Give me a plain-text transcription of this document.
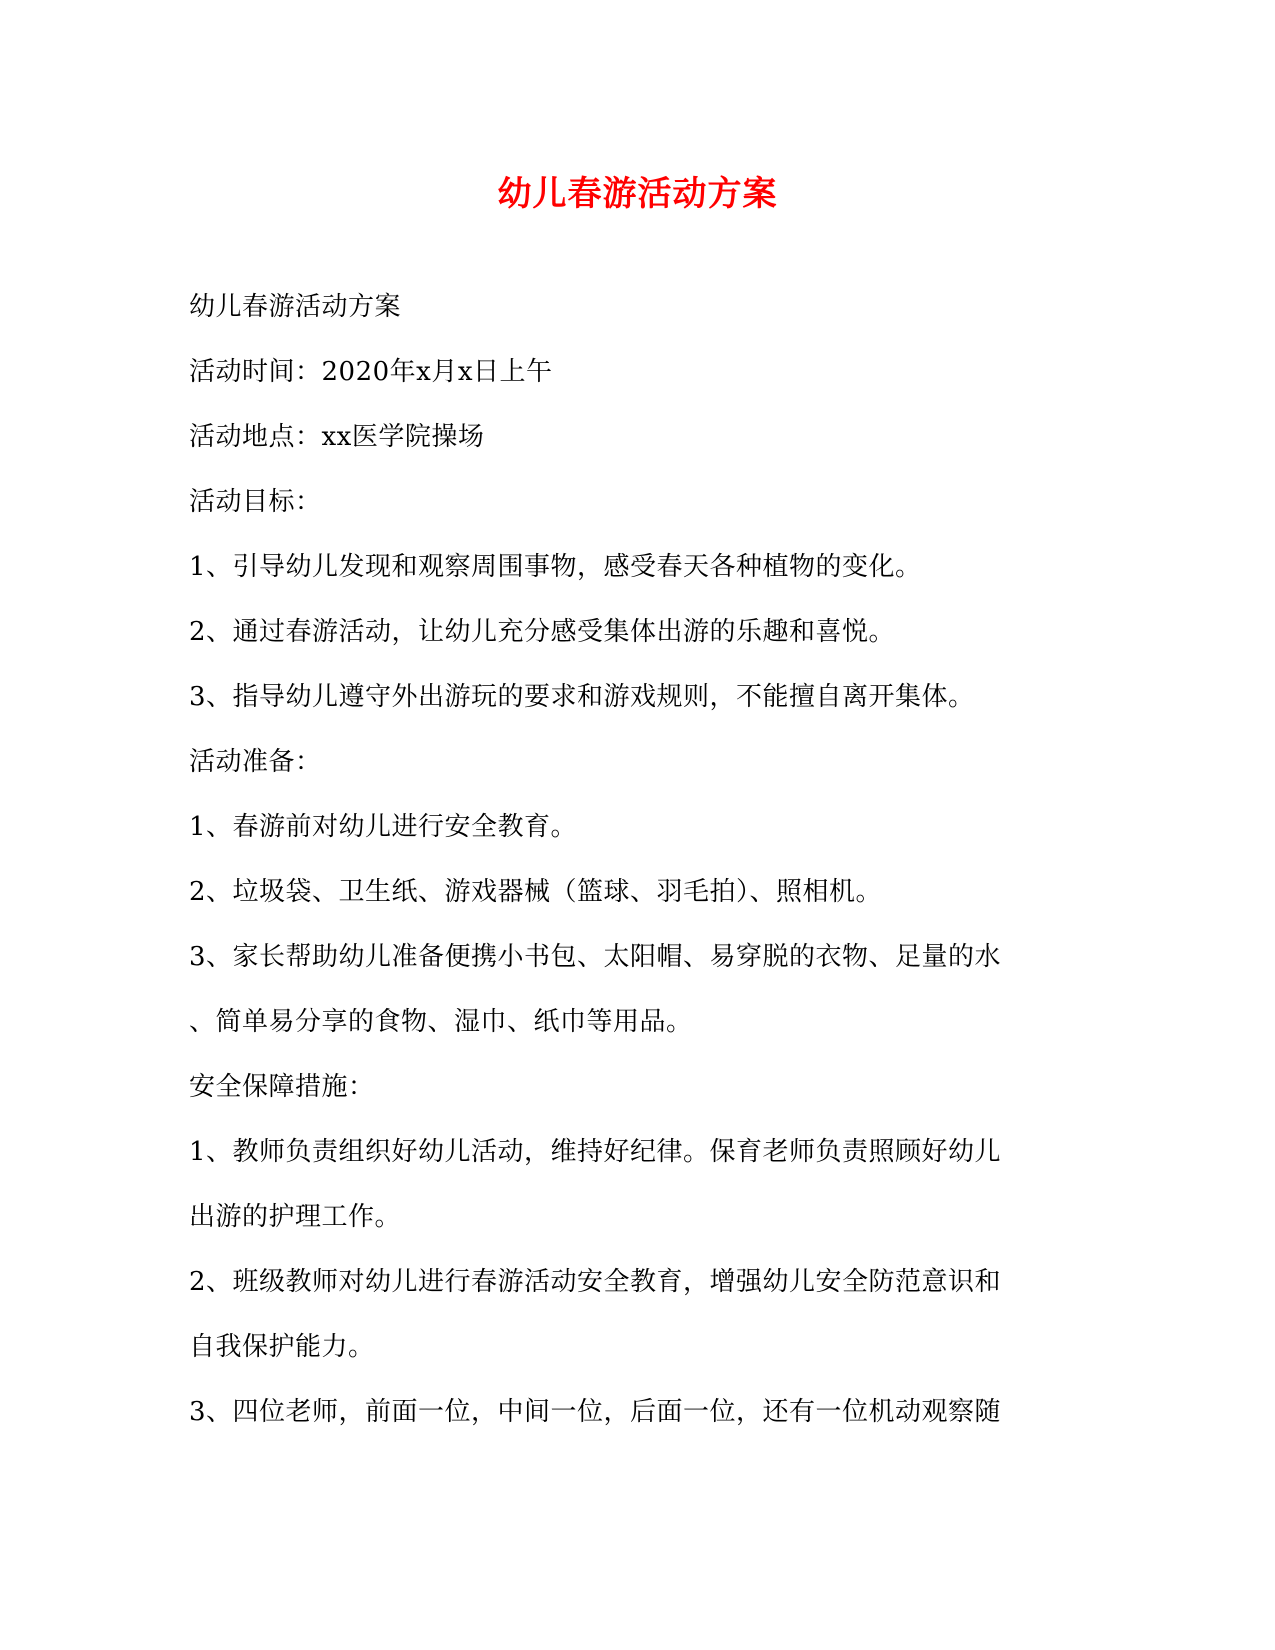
幼儿春游活动方案
幼儿春游活动方案
活动时间：2020年x月x日上午
活动地点：xx医学院操场
活动目标：
1、引导幼儿发现和观察周围事物，感受春天各种植物的变化。
2、通过春游活动，让幼儿充分感受集体出游的乐趣和喜悦。
3、指导幼儿遵守外出游玩的要求和游戏规则，不能擅自离开集体。
活动准备：
1、春游前对幼儿进行安全教育。
2、垃圾袋、卫生纸、游戏器械（篮球、羽毛拍）、照相机。
3、家长帮助幼儿准备便携小书包、太阳帽、易穿脱的衣物、足量的水
、简单易分享的食物、湿巾、纸巾等用品。
安全保障措施：
1、教师负责组织好幼儿活动，维持好纪律。保育老师负责照顾好幼儿
出游的护理工作。
2、班级教师对幼儿进行春游活动安全教育，增强幼儿安全防范意识和
自我保护能力。
3、四位老师，前面一位，中间一位，后面一位，还有一位机动观察随
